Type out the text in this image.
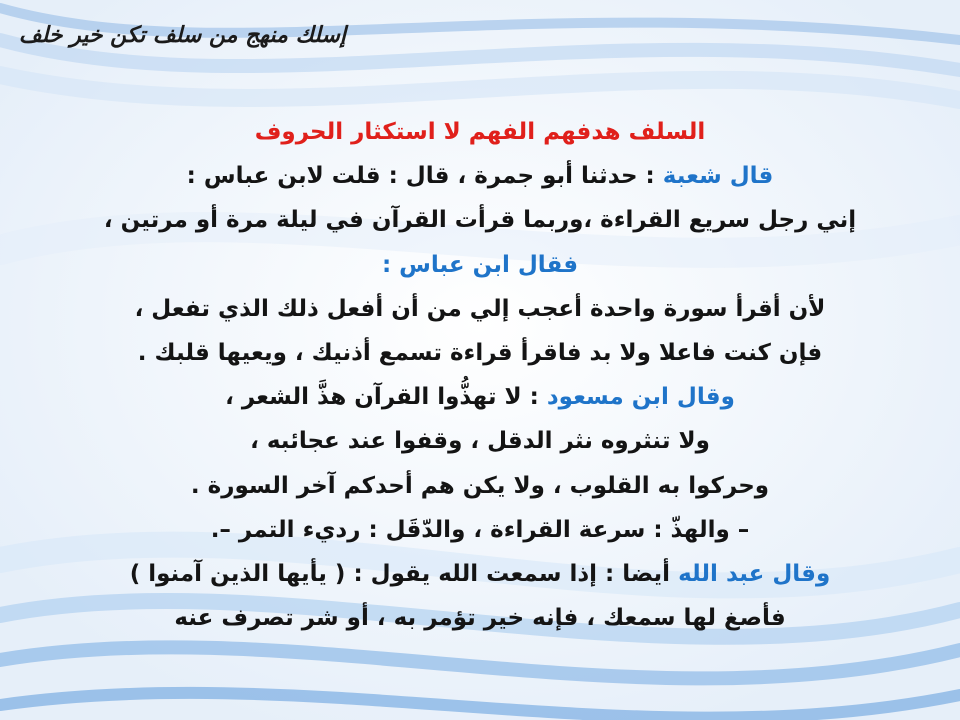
إسلك منهج من سلف تكن خير خلف
السلف هدفهم الفهم لا استكثار الحروف
قال شعبة : حدثنا أبو جمرة ، قال : قلت لابن عباس :
إني رجل سريع القراءة ،وربما قرأت القرآن في ليلة مرة أو مرتين ،
فقال ابن عباس :
لأن أقرأ سورة واحدة أعجب إلي من أن أفعل ذلك الذي تفعل ،
فإن كنت فاعلا ولا بد فاقرأ قراءة تسمع أذنيك ، ويعيها قلبك .
وقال ابن مسعود : لا تهذُّوا القرآن هذَّ الشعر ،
ولا تنثروه نثر الدقل ، وقفوا عند عجائبه ،
وحركوا به القلوب ، ولا يكن هم أحدكم آخر السورة .
– والهذّ : سرعة القراءة ، والدّقَل : رديء التمر –.
وقال عبد الله أيضا : إذا سمعت الله يقول : ( يأيها الذين آمنوا )
فأصغ لها سمعك ، فإنه خير تؤمر به ، أو شر تصرف عنه
